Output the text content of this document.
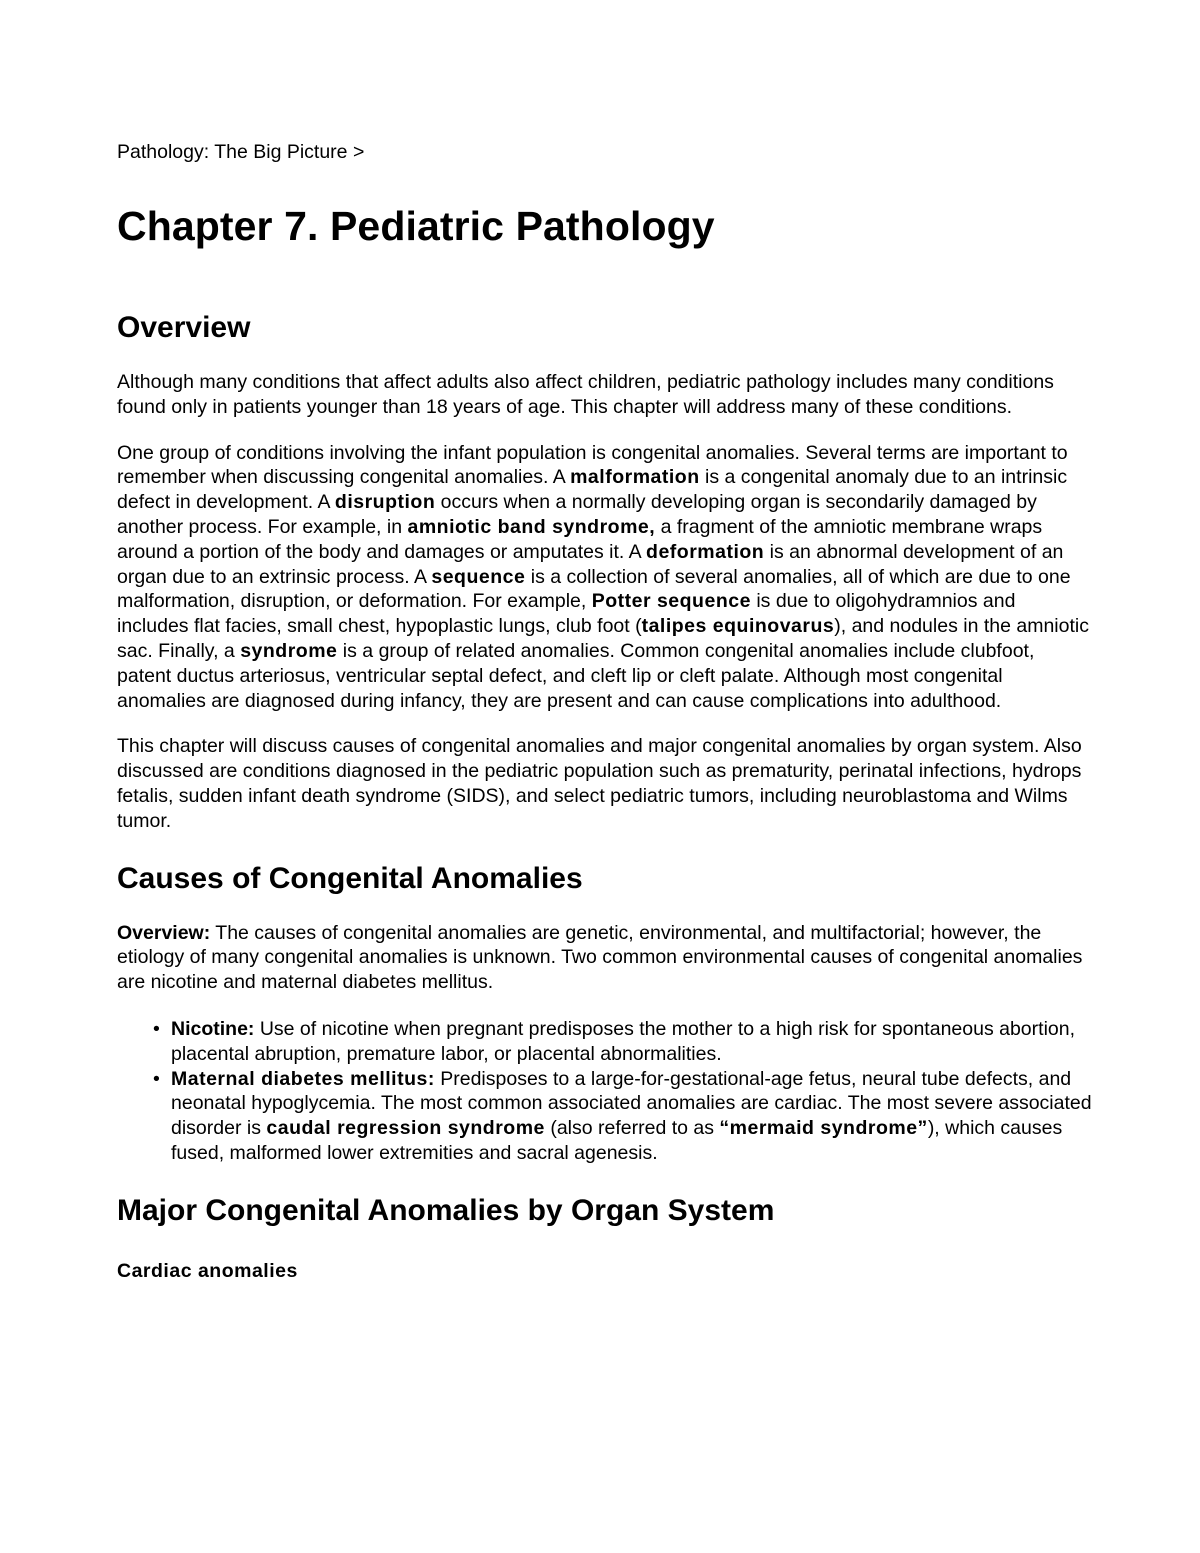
Pathology: The Big Picture >

Chapter 7. Pediatric Pathology
Overview

Although many conditions that affect adults also affect children, pediatric pathology includes many conditions found only in patients younger than 18 years of age. This chapter will address many of these conditions.

One group of conditions involving the infant population is congenital anomalies. Several terms are important to remember when discussing congenital anomalies. A malformation is a congenital anomaly due to an intrinsic defect in development. A disruption occurs when a normally developing organ is secondarily damaged by another process. For example, in amniotic band syndrome, a fragment of the amniotic membrane wraps around a portion of the body and damages or amputates it. A deformation is an abnormal development of an organ due to an extrinsic process. A sequence is a collection of several anomalies, all of which are due to one malformation, disruption, or deformation. For example, Potter sequence is due to oligohydramnios and includes flat facies, small chest, hypoplastic lungs, club foot (talipes equinovarus), and nodules in the amniotic sac. Finally, a syndrome is a group of related anomalies. Common congenital anomalies include clubfoot, patent ductus arteriosus, ventricular septal defect, and cleft lip or cleft palate. Although most congenital anomalies are diagnosed during infancy, they are present and can cause complications into adulthood.

This chapter will discuss causes of congenital anomalies and major congenital anomalies by organ system. Also discussed are conditions diagnosed in the pediatric population such as prematurity, perinatal infections, hydrops fetalis, sudden infant death syndrome (SIDS), and select pediatric tumors, including neuroblastoma and Wilms tumor.

Causes of Congenital Anomalies

Overview: The causes of congenital anomalies are genetic, environmental, and multifactorial; however, the etiology of many congenital anomalies is unknown. Two common environmental causes of congenital anomalies are nicotine and maternal diabetes mellitus.

• Nicotine: Use of nicotine when pregnant predisposes the mother to a high risk for spontaneous abortion, placental abruption, premature labor, or placental abnormalities.
• Maternal diabetes mellitus: Predisposes to a large-for-gestational-age fetus, neural tube defects, and neonatal hypoglycemia. The most common associated anomalies are cardiac. The most severe associated disorder is caudal regression syndrome (also referred to as “mermaid syndrome”), which causes fused, malformed lower extremities and sacral agenesis.
Major Congenital Anomalies by Organ System

Cardiac anomalies
